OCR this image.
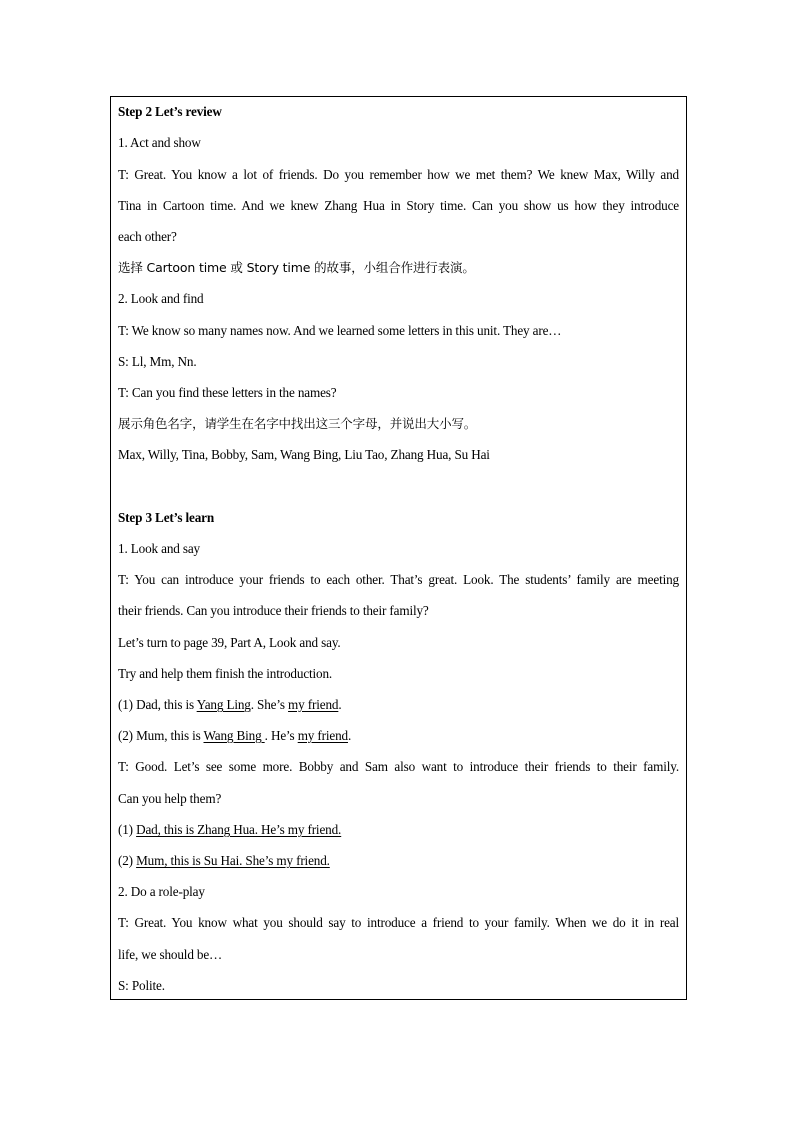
Step 2 Let’s review
1. Act and show
T: Great. You know a lot of friends. Do you remember how we met them? We knew Max, Willy and
Tina in Cartoon time. And we knew Zhang Hua in Story time. Can you show us how they introduce
each other?
选择 Cartoon time 或 Story time 的故事，小组合作进行表演。
2. Look and find
T: We know so many names now. And we learned some letters in this unit. They are…
S: Ll, Mm, Nn.
T: Can you find these letters in the names?
展示角色名字，请学生在名字中找出这三个字母，并说出大小写。
Max, Willy, Tina, Bobby, Sam, Wang Bing, Liu Tao, Zhang Hua, Su Hai
Step 3 Let’s learn
1. Look and say
T: You can introduce your friends to each other. That’s great. Look. The students’ family are meeting
their friends. Can you introduce their friends to their family?
Let’s turn to page 39, Part A, Look and say.
Try and help them finish the introduction.
(1) Dad, this is Yang Ling. She’s my friend.
(2) Mum, this is Wang Bing . He’s my friend.
T: Good. Let’s see some more. Bobby and Sam also want to introduce their friends to their family.
Can you help them?
(1) Dad, this is Zhang Hua. He’s my friend.
(2) Mum, this is Su Hai. She’s my friend.
2. Do a role-play
T: Great. You know what you should say to introduce a friend to your family. When we do it in real
life, we should be…
S: Polite.
